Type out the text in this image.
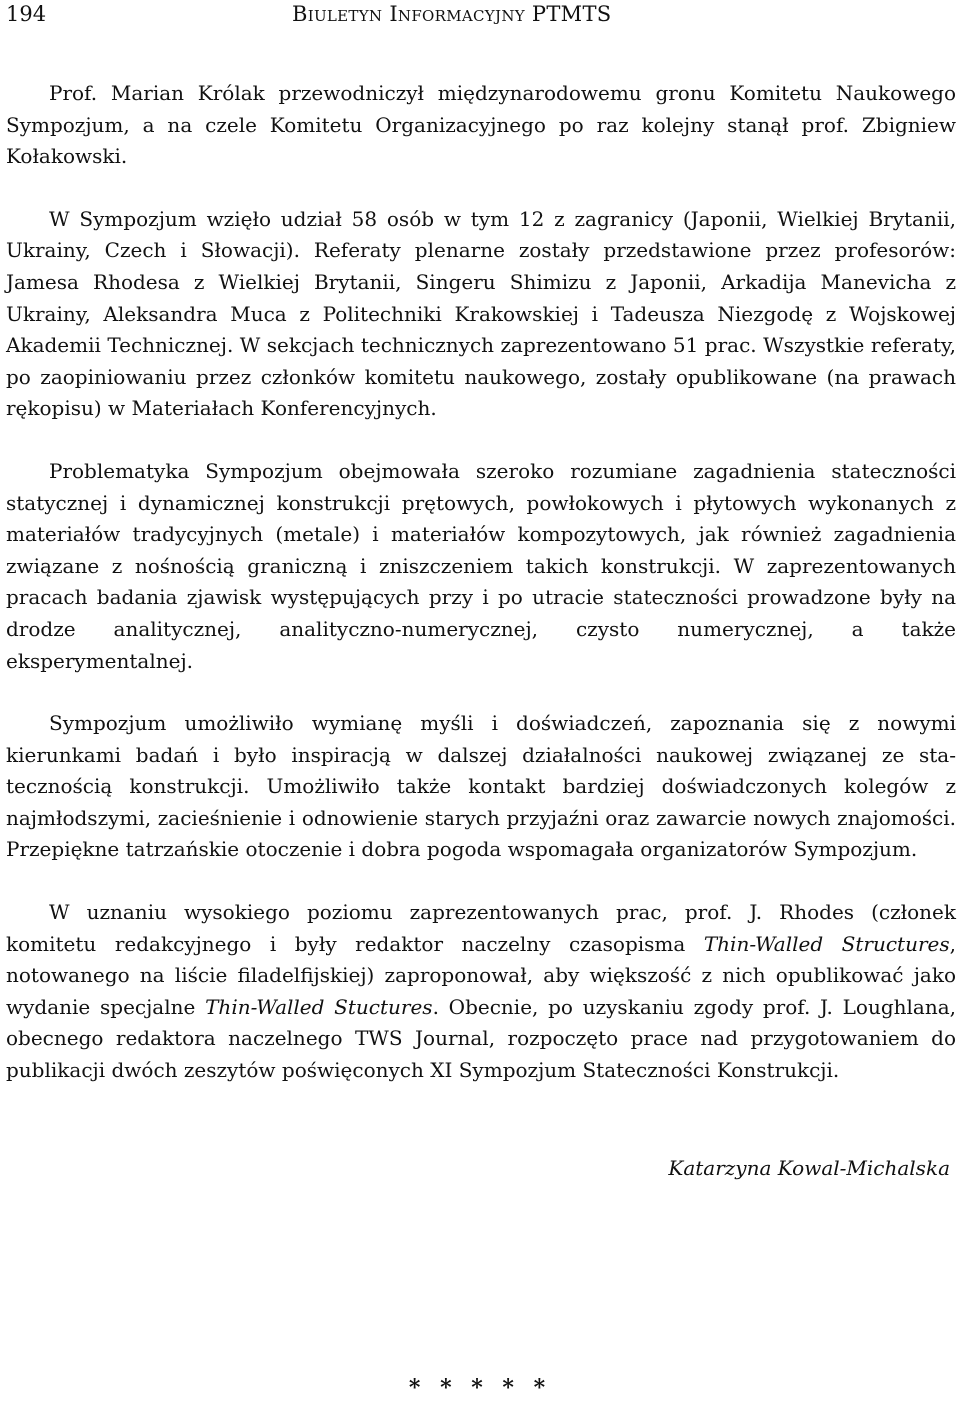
194	Biuletyn Informacyjny PTMTS

Prof. Marian Królak przewodniczył międzynarodowemu gronu Komitetu Naukowego Sympozjum, a na czele Komitetu Organizacyjnego po raz kolejny stanął prof. Zbigniew Kołakowski.

W Sympozjum wzięło udział 58 osób w tym 12 z zagranicy (Japonii, Wielkiej Brytanii, Ukrainy, Czech i Słowacji). Referaty plenarne zostały przedstawione przez profesorów: Jamesa Rhodesa z Wielkiej Brytanii, Singeru Shimizu z Japonii, Arkadija Manevicha z Ukrainy, Aleksandra Muca z Politechniki Krakowskiej i Tadeusza Niezgodę z Wojskowej Akademii Technicznej. W sekcjach technicznych zaprezentowano 51 prac. Wszystkie referaty, po zaopiniowaniu przez członków komitetu naukowego, zostały opublikowane (na prawach rękopisu) w Materiałach Konferencyjnych.

Problematyka Sympozjum obejmowała szeroko rozumiane zagadnienia stateczności statycznej i dynamicznej konstrukcji prętowych, powłokowych i płytowych wykonanych z materiałów tradycyjnych (metale) i materiałów kompozytowych, jak również zagadnienia związane z nośnością graniczną i zniszczeniem takich konstrukcji. W zaprezentowanych pracach badania zjawisk występujących przy i po utracie stateczności prowadzone były na drodze analitycznej, analityczno-numerycznej, czysto numerycznej, a także eksperymentalnej.

Sympozjum umożliwiło wymianę myśli i doświadczeń, zapoznania się z nowymi kierunkami badań i było inspiracją w dalszej działalności naukowej związanej ze statecznością konstrukcji. Umożliwiło także kontakt bardziej doświadczonych kolegów z najmłodszymi, zacieśnienie i odnowienie starych przyjaźni oraz zawarcie nowych znajomości. Przepiękne tatrzańskie otoczenie i dobra pogoda wspomagała organizatorów Sympozjum.

W uznaniu wysokiego poziomu zaprezentowanych prac, prof. J. Rhodes (członek komitetu redakcyjnego i były redaktor naczelny czasopisma Thin-Walled Structures, notowanego na liście filadelfijskiej) zaproponował, aby większość z nich opublikować jako wydanie specjalne Thin-Walled Stuctures. Obecnie, po uzyskaniu zgody prof. J. Loughlana, obecnego redaktora naczelnego TWS Journal, rozpoczęto prace nad przygotowaniem do publikacji dwóch zeszytów poświęconych XI Sympozjum Stateczności Konstrukcji.

Katarzyna Kowal-Michalska
* * * * *
